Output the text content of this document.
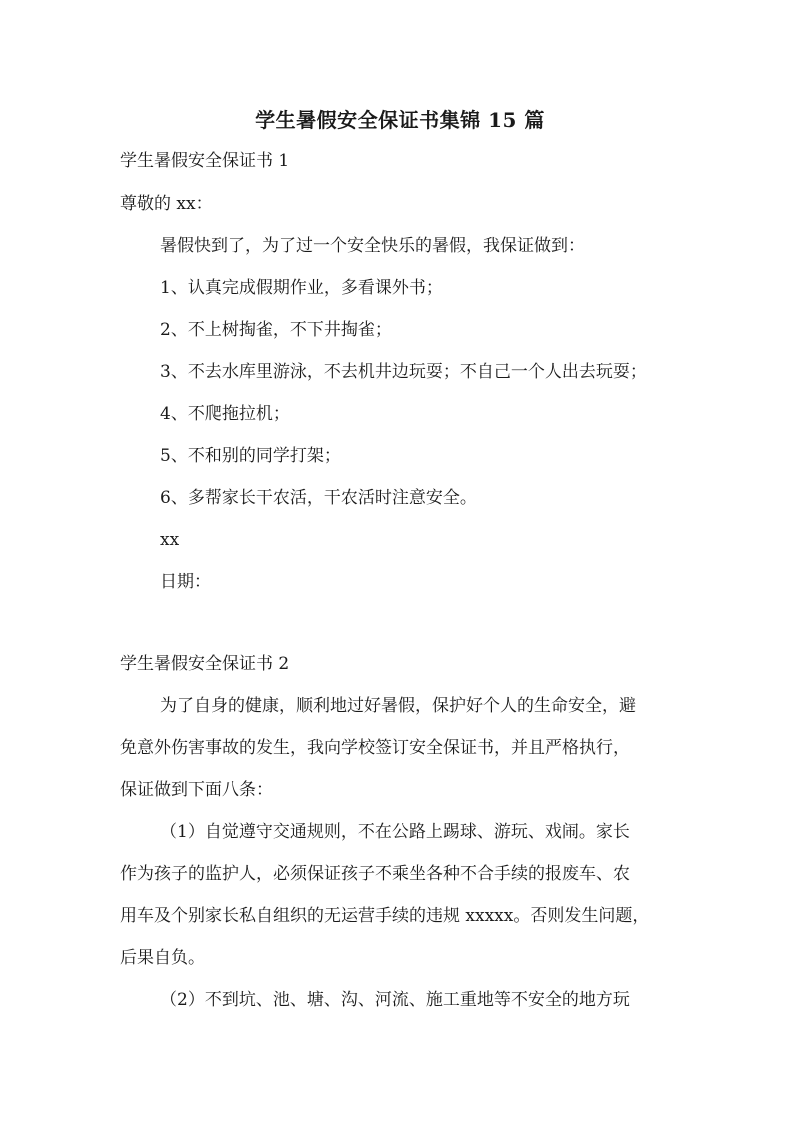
学生暑假安全保证书集锦 15 篇
学生暑假安全保证书 1
尊敬的 xx：
暑假快到了，为了过一个安全快乐的暑假，我保证做到：
1、认真完成假期作业，多看课外书；
2、不上树掏雀，不下井掏雀；
3、不去水库里游泳，不去机井边玩耍；不自己一个人出去玩耍；
4、不爬拖拉机；
5、不和别的同学打架；
6、多帮家长干农活，干农活时注意安全。
xx
日期：
学生暑假安全保证书 2
为了自身的健康，顺利地过好暑假，保护好个人的生命安全，避
免意外伤害事故的发生，我向学校签订安全保证书，并且严格执行，
保证做到下面八条：
（1）自觉遵守交通规则，不在公路上踢球、游玩、戏闹。家长
作为孩子的监护人，必须保证孩子不乘坐各种不合手续的报废车、农
用车及个别家长私自组织的无运营手续的违规 xxxxx。否则发生问题，
后果自负。
（2）不到坑、池、塘、沟、河流、施工重地等不安全的地方玩
